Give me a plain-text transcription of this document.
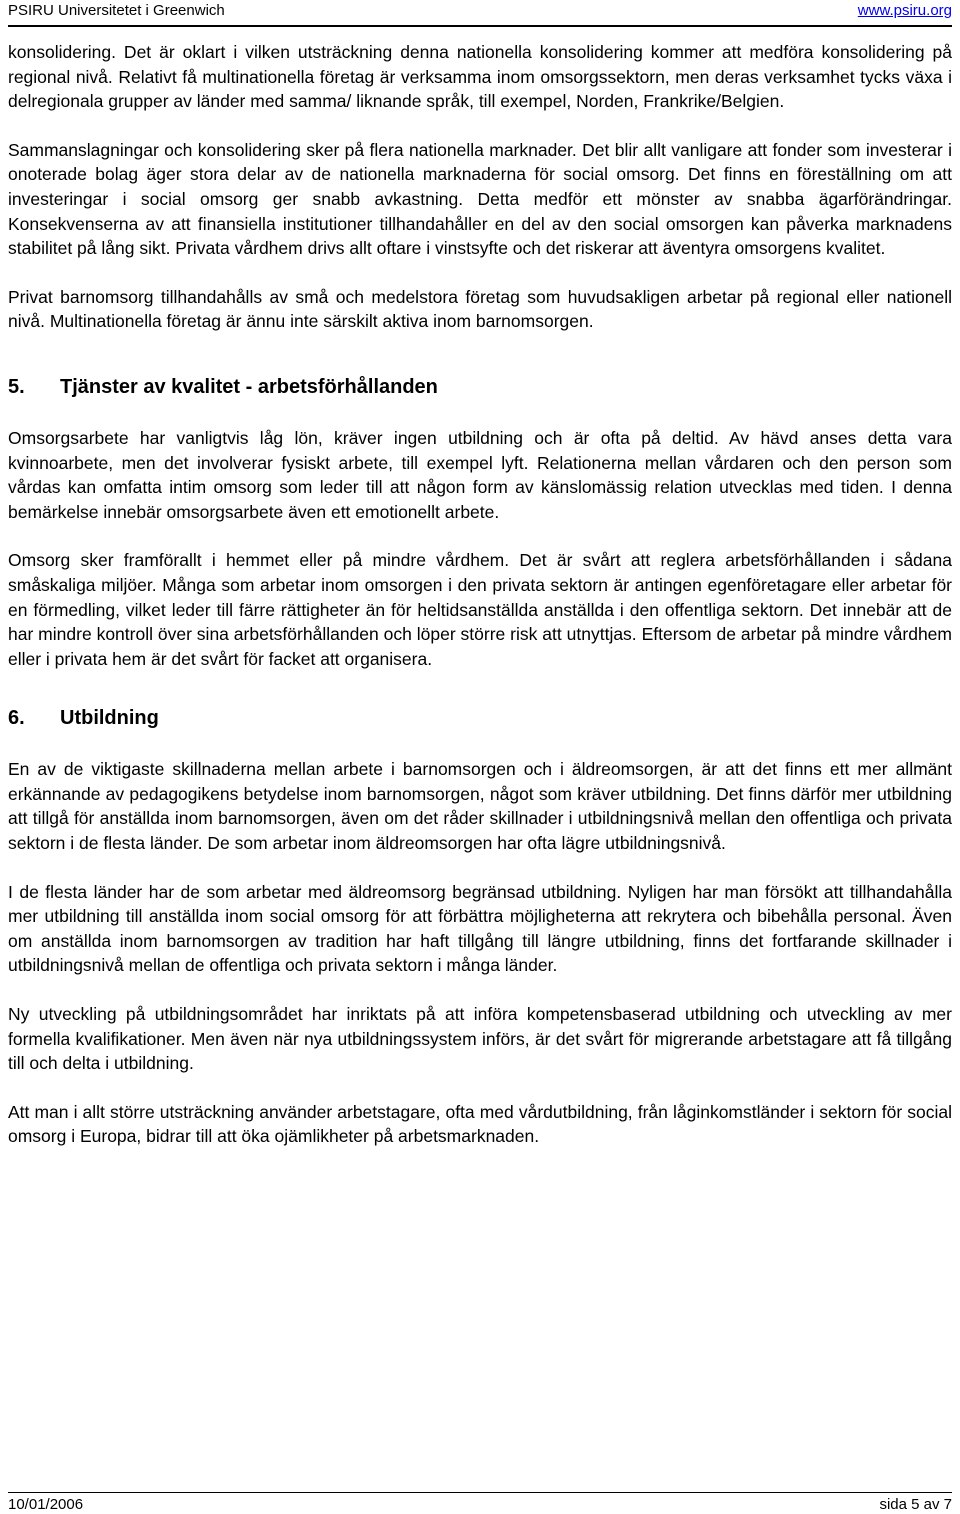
PSIRU Universitetet i Greenwich	www.psiru.org

konsolidering. Det är oklart i vilken utsträckning denna nationella konsolidering kommer att medföra konsolidering på regional nivå. Relativt få multinationella företag är verksamma inom omsorgssektorn, men deras verksamhet tycks växa i delregionala grupper av länder med samma/ liknande språk, till exempel, Norden, Frankrike/Belgien.

Sammanslagningar och konsolidering sker på flera nationella marknader. Det blir allt vanligare att fonder som investerar i onoterade bolag äger stora delar av de nationella marknaderna för social omsorg. Det finns en föreställning om att investeringar i social omsorg ger snabb avkastning. Detta medför ett mönster av snabba ägarförändringar. Konsekvenserna av att finansiella institutioner tillhandahåller en del av den social omsorgen kan påverka marknadens stabilitet på lång sikt. Privata vårdhem drivs allt oftare i vinstsyfte och det riskerar att äventyra omsorgens kvalitet.

Privat barnomsorg tillhandahålls av små och medelstora företag som huvudsakligen arbetar på regional eller nationell nivå. Multinationella företag är ännu inte särskilt aktiva inom barnomsorgen.

5.	Tjänster av kvalitet - arbetsförhållanden

Omsorgsarbete har vanligtvis låg lön, kräver ingen utbildning och är ofta på deltid. Av hävd anses detta vara kvinnoarbete, men det involverar fysiskt arbete, till exempel lyft. Relationerna mellan vårdaren och den person som vårdas kan omfatta intim omsorg som leder till att någon form av känslomässig relation utvecklas med tiden. I denna bemärkelse innebär omsorgsarbete även ett emotionellt arbete.

Omsorg sker framförallt i hemmet eller på mindre vårdhem. Det är svårt att reglera arbetsförhållanden i sådana småskaliga miljöer. Många som arbetar inom omsorgen i den privata sektorn är antingen egenföretagare eller arbetar för en förmedling, vilket leder till färre rättigheter än för heltidsanställda anställda i den offentliga sektorn. Det innebär att de har mindre kontroll över sina arbetsförhållanden och löper större risk att utnyttjas. Eftersom de arbetar på mindre vårdhem eller i privata hem är det svårt för facket att organisera.

6.	Utbildning

En av de viktigaste skillnaderna mellan arbete i barnomsorgen och i äldreomsorgen, är att det finns ett mer allmänt erkännande av pedagogikens betydelse inom barnomsorgen, något som kräver utbildning. Det finns därför mer utbildning att tillgå för anställda inom barnomsorgen, även om det råder skillnader i utbildningsnivå mellan den offentliga och privata sektorn i de flesta länder. De som arbetar inom äldreomsorgen har ofta lägre utbildningsnivå.

I de flesta länder har de som arbetar med äldreomsorg begränsad utbildning. Nyligen har man försökt att tillhandahålla mer utbildning till anställda inom social omsorg för att förbättra möjligheterna att rekrytera och bibehålla personal. Även om anställda inom barnomsorgen av tradition har haft tillgång till längre utbildning, finns det fortfarande skillnader i utbildningsnivå mellan de offentliga och privata sektorn i många länder.

Ny utveckling på utbildningsområdet har inriktats på att införa kompetensbaserad utbildning och utveckling av mer formella kvalifikationer. Men även när nya utbildningssystem införs, är det svårt för migrerande arbetstagare att få tillgång till och delta i utbildning.

Att man i allt större utsträckning använder arbetstagare, ofta med vårdutbildning, från låginkomstländer i sektorn för social omsorg i Europa, bidrar till att öka ojämlikheter på arbetsmarknaden.

10/01/2006	sida 5 av 7
